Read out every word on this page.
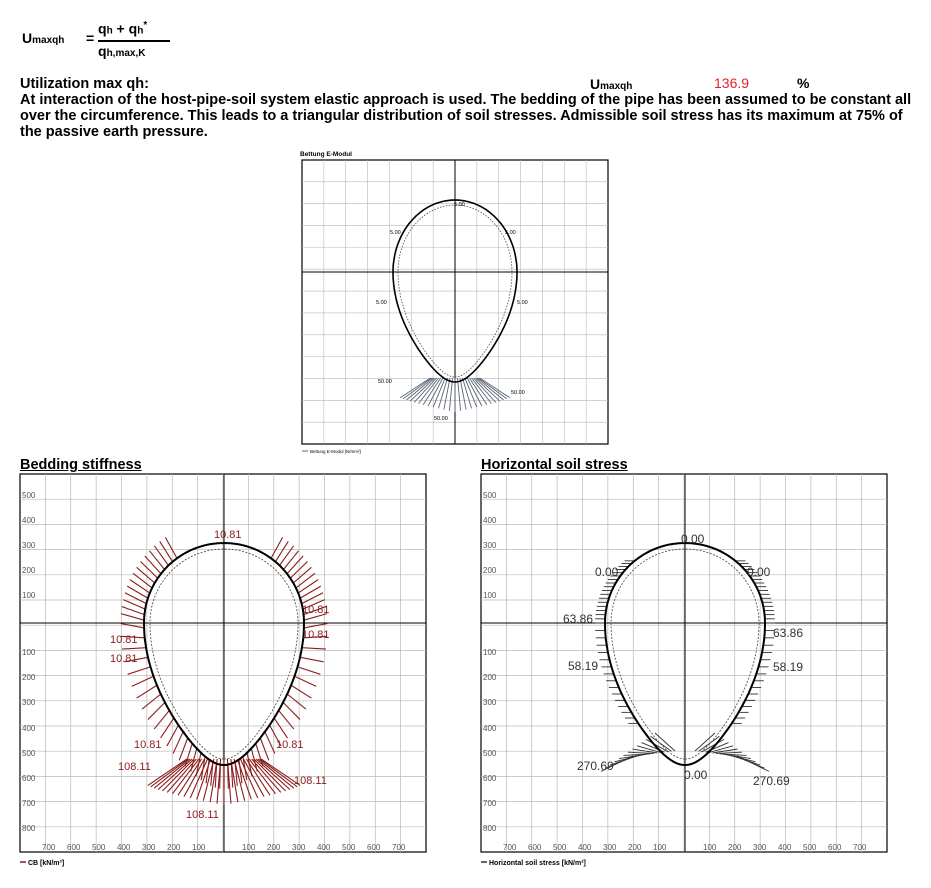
Umaxqh =
qh + qh*
qh,max,K
Utilization max qh:	Umaxqh	136.9	%
At interaction of the host-pipe-soil system elastic approach is used. The bedding of the pipe has been assumed to be constant all over the circumference. This leads to a triangular distribution of soil stresses. Admissible soil stress has its maximum at 75% of the passive earth pressure.
Bettung E-Modul
5.00
5.00	5.00
5.00	5.00
50.00
50.00
50.00
Bettung E-Modul [N/mm²]
Bedding stiffness
500
400
300
200
100
100
200
300
400
500
600
700
800
700 600 500 400 300 200 100	100 200 300 400 500 600 700
10.81
10.81
10.81
10.81
10.81	10.81
108.11
108.11
108.11
10.81
CB [kN/m³]
Horizontal soil stress
500
400
300
200
100
100
200
300
400
500
600
700
800
700 600 500 400 300 200 100	100 200 300 400 500 600 700
0.00
0.00	0.00
63.86
63.86
58.19	58.19
270.69
270.69
0.00
Horizontal soil stress [kN/m²]
